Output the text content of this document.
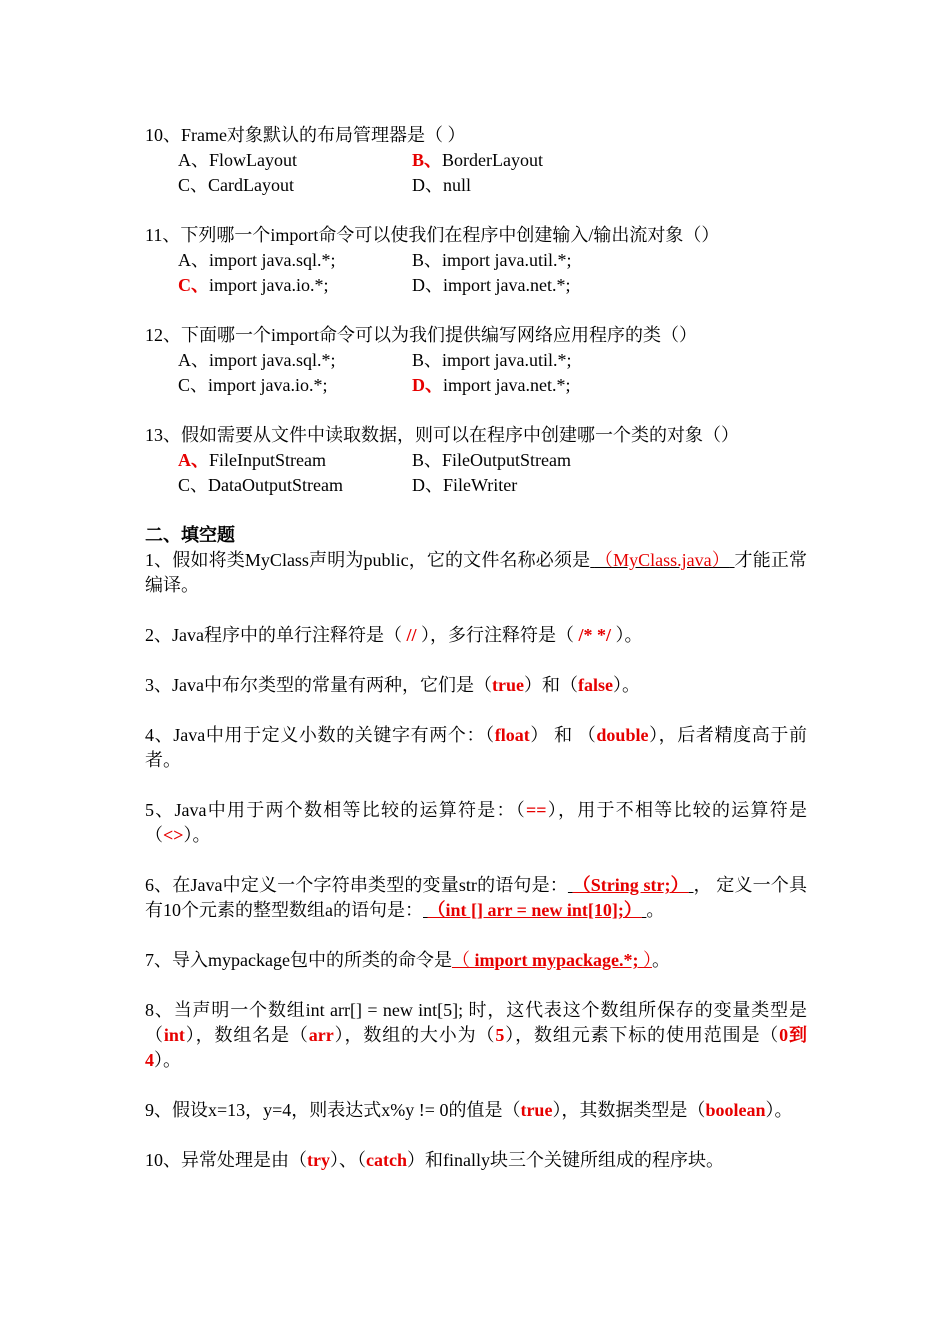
10、Frame对象默认的布局管理器是（ ）
A、FlowLayout	B、BorderLayout
C、CardLayout	D、null
11、下列哪一个import命令可以使我们在程序中创建输入/输出流对象（）
A、import java.sql.*;	B、import java.util.*;
C、import java.io.*;	D、import java.net.*;
12、下面哪一个import命令可以为我们提供编写网络应用程序的类（）
A、import java.sql.*;	B、import java.util.*;
C、import java.io.*;	D、import java.net.*;
13、假如需要从文件中读取数据，则可以在程序中创建哪一个类的对象（）
A、FileInputStream	B、FileOutputStream
C、DataOutputStream	D、FileWriter
二、填空题
1、假如将类MyClass声明为public，它的文件名称必须是 （MyClass.java） 才能正常编译。
2、Java程序中的单行注释符是（ // ），多行注释符是（ /* */ ）。
3、Java中布尔类型的常量有两种，它们是（true）和（false）。
4、Java中用于定义小数的关键字有两个：（float） 和 （double），后者精度高于前者。
5、Java中用于两个数相等比较的运算符是：（==），用于不相等比较的运算符是（<>）。
6、在Java中定义一个字符串类型的变量str的语句是： （String str;） ， 定义一个具有10个元素的整型数组a的语句是： （int [] arr = new int[10];） 。
7、导入mypackage包中的所类的命令是（ import mypackage.*; ）。
8、当声明一个数组int arr[] = new int[5]; 时，这代表这个数组所保存的变量类型是（int），数组名是（arr），数组的大小为（5），数组元素下标的使用范围是（0到4）。
9、假设x=13，y=4，则表达式x%y != 0的值是（true），其数据类型是（boolean）。
10、异常处理是由（try）、（catch）和finally块三个关键所组成的程序块。
